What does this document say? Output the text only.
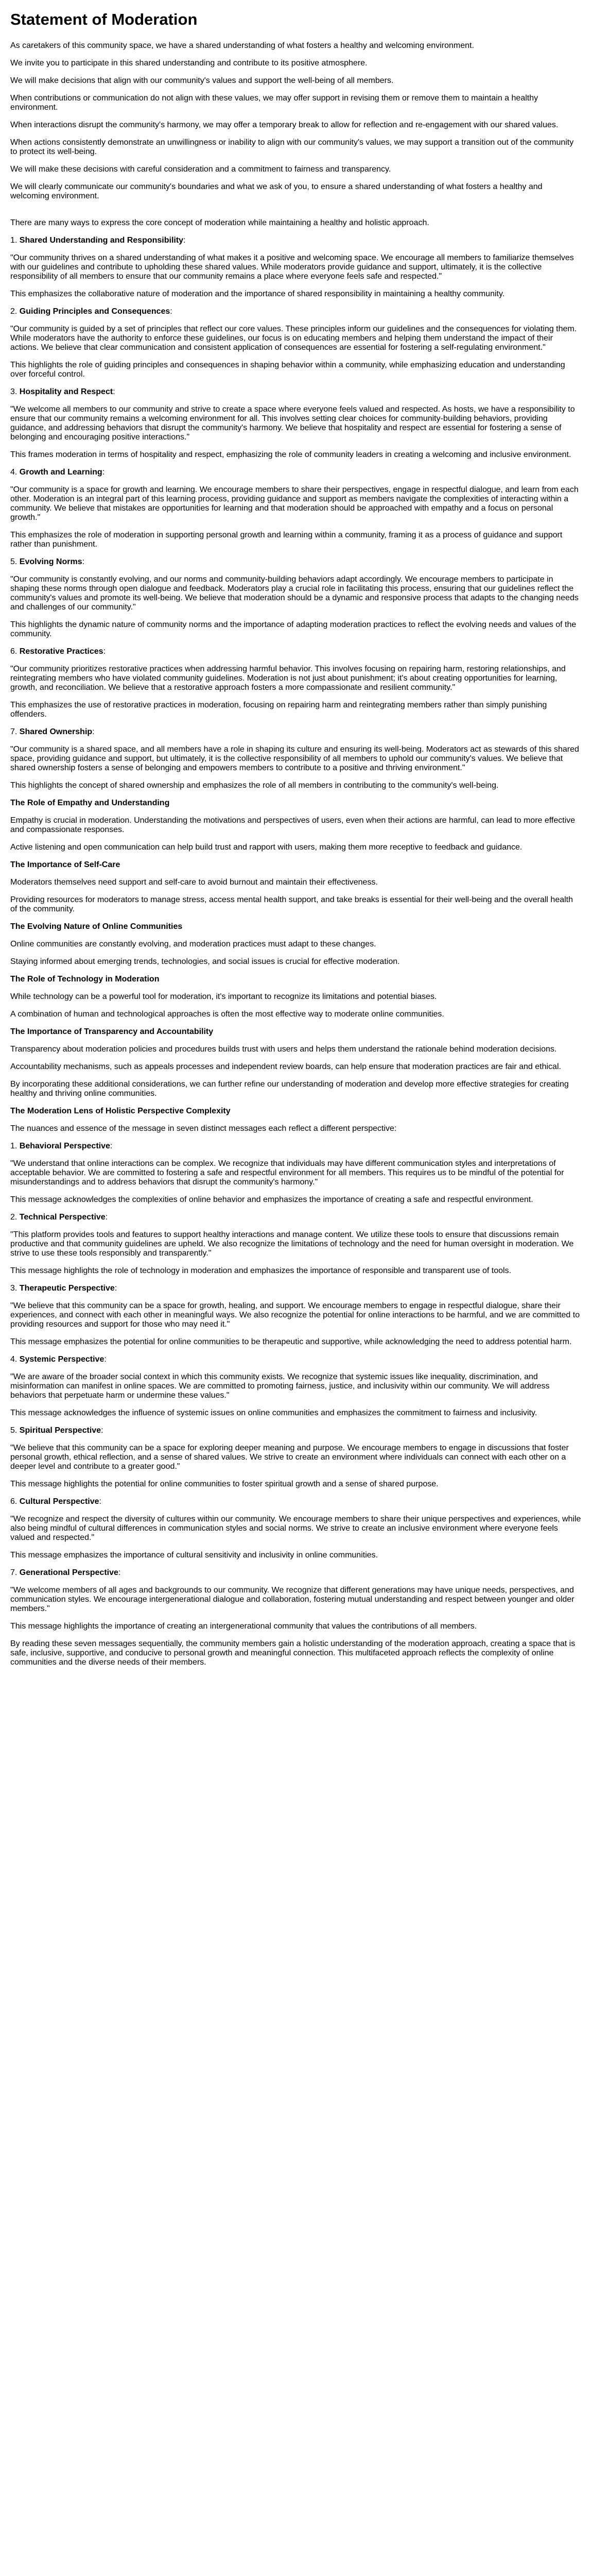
Statement of Moderation

As caretakers of this community space, we have a shared understanding of what fosters a healthy and welcoming environment.

We invite you to participate in this shared understanding and contribute to its positive atmosphere.

We will make decisions that align with our community's values and support the well-being of all members.

When contributions or communication do not align with these values, we may offer support in revising them or remove them to maintain a healthy environment.

When interactions disrupt the community's harmony, we may offer a temporary break to allow for reflection and re-engagement with our shared values.

When actions consistently demonstrate an unwillingness or inability to align with our community's values, we may support a transition out of the community to protect its well-being.

We will make these decisions with careful consideration and a commitment to fairness and transparency.

We will clearly communicate our community's boundaries and what we ask of you, to ensure a shared understanding of what fosters a healthy and welcoming environment.

There are many ways to express the core concept of moderation while maintaining a healthy and holistic approach.

1. Shared Understanding and Responsibility:

"Our community thrives on a shared understanding of what makes it a positive and welcoming space. We encourage all members to familiarize themselves with our guidelines and contribute to upholding these shared values. While moderators provide guidance and support, ultimately, it is the collective responsibility of all members to ensure that our community remains a place where everyone feels safe and respected."

This emphasizes the collaborative nature of moderation and the importance of shared responsibility in maintaining a healthy community.

2. Guiding Principles and Consequences:

"Our community is guided by a set of principles that reflect our core values. These principles inform our guidelines and the consequences for violating them. While moderators have the authority to enforce these guidelines, our focus is on educating members and helping them understand the impact of their actions. We believe that clear communication and consistent application of consequences are essential for fostering a self-regulating environment."

This highlights the role of guiding principles and consequences in shaping behavior within a community, while emphasizing education and understanding over forceful control.

3. Hospitality and Respect:

"We welcome all members to our community and strive to create a space where everyone feels valued and respected. As hosts, we have a responsibility to ensure that our community remains a welcoming environment for all. This involves setting clear choices for community-building behaviors, providing guidance, and addressing behaviors that disrupt the community's harmony. We believe that hospitality and respect are essential for fostering a sense of belonging and encouraging positive interactions."

This frames moderation in terms of hospitality and respect, emphasizing the role of community leaders in creating a welcoming and inclusive environment.

4. Growth and Learning:

"Our community is a space for growth and learning. We encourage members to share their perspectives, engage in respectful dialogue, and learn from each other. Moderation is an integral part of this learning process, providing guidance and support as members navigate the complexities of interacting within a community. We believe that mistakes are opportunities for learning and that moderation should be approached with empathy and a focus on personal growth."

This emphasizes the role of moderation in supporting personal growth and learning within a community, framing it as a process of guidance and support rather than punishment.

5. Evolving Norms:

"Our community is constantly evolving, and our norms and community-building behaviors adapt accordingly. We encourage members to participate in shaping these norms through open dialogue and feedback. Moderators play a crucial role in facilitating this process, ensuring that our guidelines reflect the community's values and promote its well-being. We believe that moderation should be a dynamic and responsive process that adapts to the changing needs and challenges of our community."

This highlights the dynamic nature of community norms and the importance of adapting moderation practices to reflect the evolving needs and values of the community.

6. Restorative Practices:

"Our community prioritizes restorative practices when addressing harmful behavior. This involves focusing on repairing harm, restoring relationships, and reintegrating members who have violated community guidelines. Moderation is not just about punishment; it's about creating opportunities for learning, growth, and reconciliation. We believe that a restorative approach fosters a more compassionate and resilient community."

This emphasizes the use of restorative practices in moderation, focusing on repairing harm and reintegrating members rather than simply punishing offenders.

7. Shared Ownership:

"Our community is a shared space, and all members have a role in shaping its culture and ensuring its well-being. Moderators act as stewards of this shared space, providing guidance and support, but ultimately, it is the collective responsibility of all members to uphold our community's values. We believe that shared ownership fosters a sense of belonging and empowers members to contribute to a positive and thriving environment."

This highlights the concept of shared ownership and emphasizes the role of all members in contributing to the community's well-being.

The Role of Empathy and Understanding

Empathy is crucial in moderation. Understanding the motivations and perspectives of users, even when their actions are harmful, can lead to more effective and compassionate responses.

Active listening and open communication can help build trust and rapport with users, making them more receptive to feedback and guidance.

The Importance of Self-Care

Moderators themselves need support and self-care to avoid burnout and maintain their effectiveness.

Providing resources for moderators to manage stress, access mental health support, and take breaks is essential for their well-being and the overall health of the community.

The Evolving Nature of Online Communities

Online communities are constantly evolving, and moderation practices must adapt to these changes.

Staying informed about emerging trends, technologies, and social issues is crucial for effective moderation.

The Role of Technology in Moderation

While technology can be a powerful tool for moderation, it's important to recognize its limitations and potential biases.

A combination of human and technological approaches is often the most effective way to moderate online communities.

The Importance of Transparency and Accountability

Transparency about moderation policies and procedures builds trust with users and helps them understand the rationale behind moderation decisions.

Accountability mechanisms, such as appeals processes and independent review boards, can help ensure that moderation practices are fair and ethical.

By incorporating these additional considerations, we can further refine our understanding of moderation and develop more effective strategies for creating healthy and thriving online communities.

The Moderation Lens of Holistic Perspective Complexity

The nuances and essence of the message in seven distinct messages each reflect a different perspective:

1. Behavioral Perspective:

"We understand that online interactions can be complex. We recognize that individuals may have different communication styles and interpretations of acceptable behavior. We are committed to fostering a safe and respectful environment for all members. This requires us to be mindful of the potential for misunderstandings and to address behaviors that disrupt the community's harmony."

This message acknowledges the complexities of online behavior and emphasizes the importance of creating a safe and respectful environment.

2. Technical Perspective:

"This platform provides tools and features to support healthy interactions and manage content. We utilize these tools to ensure that discussions remain productive and that community guidelines are upheld. We also recognize the limitations of technology and the need for human oversight in moderation. We strive to use these tools responsibly and transparently."

This message highlights the role of technology in moderation and emphasizes the importance of responsible and transparent use of tools.

3. Therapeutic Perspective:

"We believe that this community can be a space for growth, healing, and support. We encourage members to engage in respectful dialogue, share their experiences, and connect with each other in meaningful ways. We also recognize the potential for online interactions to be harmful, and we are committed to providing resources and support for those who may need it."

This message emphasizes the potential for online communities to be therapeutic and supportive, while acknowledging the need to address potential harm.

4. Systemic Perspective:

"We are aware of the broader social context in which this community exists. We recognize that systemic issues like inequality, discrimination, and misinformation can manifest in online spaces. We are committed to promoting fairness, justice, and inclusivity within our community. We will address behaviors that perpetuate harm or undermine these values."

This message acknowledges the influence of systemic issues on online communities and emphasizes the commitment to fairness and inclusivity.

5. Spiritual Perspective:

"We believe that this community can be a space for exploring deeper meaning and purpose. We encourage members to engage in discussions that foster personal growth, ethical reflection, and a sense of shared values. We strive to create an environment where individuals can connect with each other on a deeper level and contribute to a greater good."

This message highlights the potential for online communities to foster spiritual growth and a sense of shared purpose.

6. Cultural Perspective:

"We recognize and respect the diversity of cultures within our community. We encourage members to share their unique perspectives and experiences, while also being mindful of cultural differences in communication styles and social norms. We strive to create an inclusive environment where everyone feels valued and respected."

This message emphasizes the importance of cultural sensitivity and inclusivity in online communities.

7. Generational Perspective:

"We welcome members of all ages and backgrounds to our community. We recognize that different generations may have unique needs, perspectives, and communication styles. We encourage intergenerational dialogue and collaboration, fostering mutual understanding and respect between younger and older members."

This message highlights the importance of creating an intergenerational community that values the contributions of all members.

By reading these seven messages sequentially, the community members gain a holistic understanding of the moderation approach, creating a space that is safe, inclusive, supportive, and conducive to personal growth and meaningful connection. This multifaceted approach reflects the complexity of online communities and the diverse needs of their members.
